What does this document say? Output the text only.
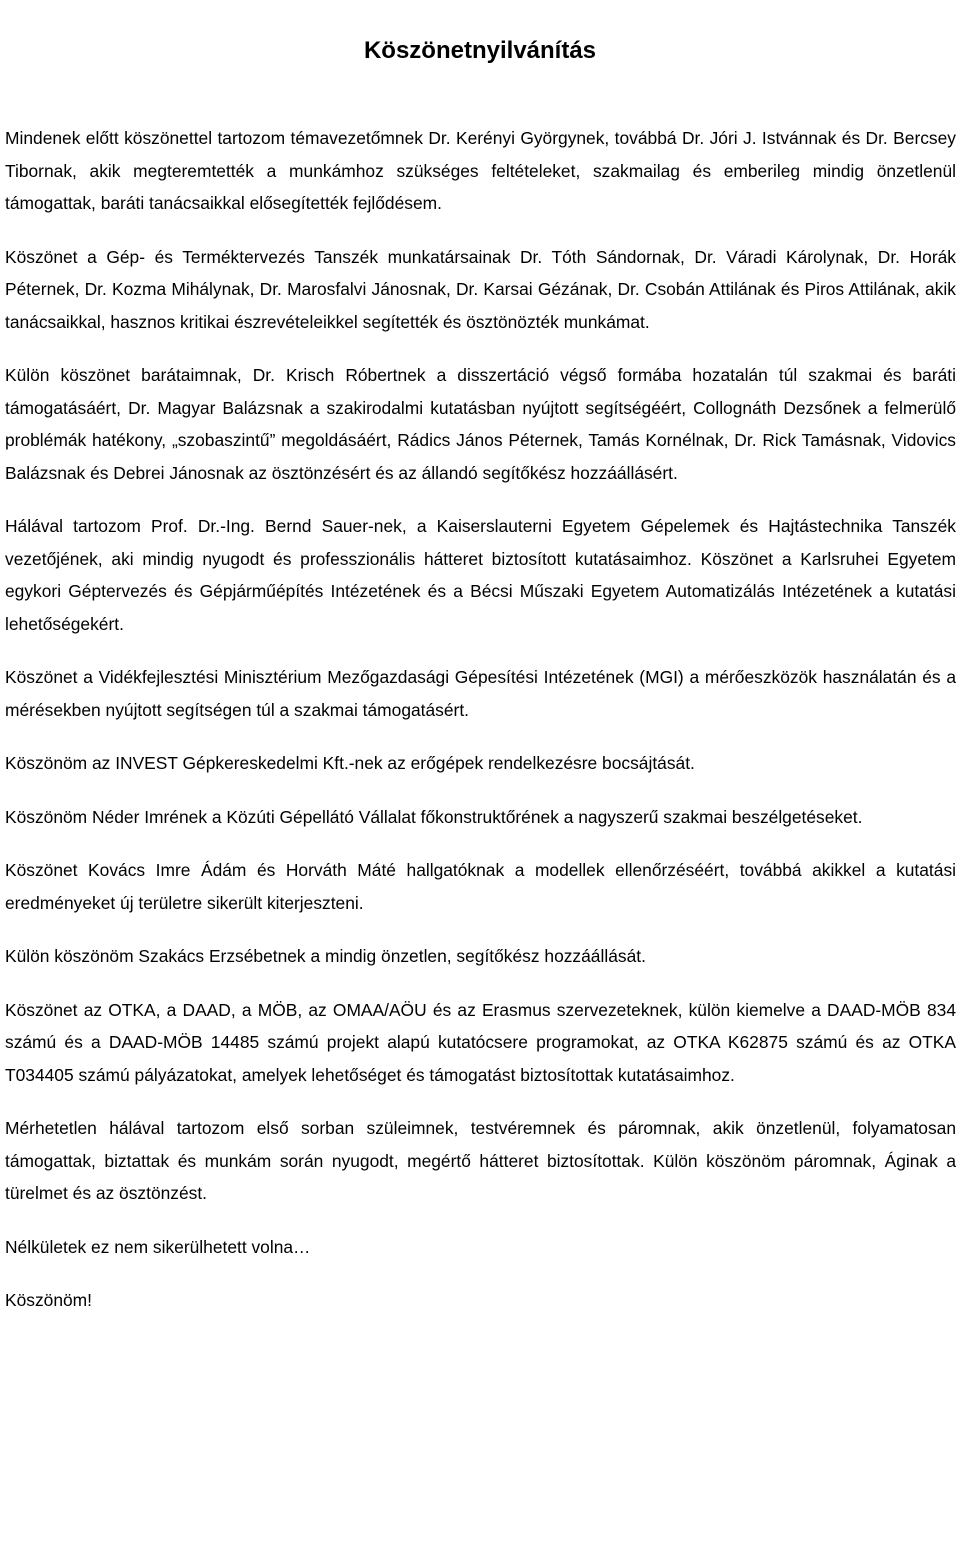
Köszönetnyilvánítás

Mindenek előtt köszönettel tartozom témavezetőmnek Dr. Kerényi Györgynek, továbbá Dr. Jóri J. Istvánnak és Dr. Bercsey Tibornak, akik megteremtették a munkámhoz szükséges feltételeket, szakmailag és emberileg mindig önzetlenül támogattak, baráti tanácsaikkal elősegítették fejlődésem.

Köszönet a Gép- és Terméktervezés Tanszék munkatársainak Dr. Tóth Sándornak, Dr. Váradi Károlynak, Dr. Horák Péternek, Dr. Kozma Mihálynak, Dr. Marosfalvi Jánosnak, Dr. Karsai Gézának, Dr. Csobán Attilának és Piros Attilának, akik tanácsaikkal, hasznos kritikai észrevételeikkel segítették és ösztönözték munkámat.

Külön köszönet barátaimnak, Dr. Krisch Róbertnek a disszertáció végső formába hozatalán túl szakmai és baráti támogatásáért, Dr. Magyar Balázsnak a szakirodalmi kutatásban nyújtott segítségéért, Collognáth Dezsőnek a felmerülő problémák hatékony, „szobaszintű” megoldásáért, Rádics János Péternek, Tamás Kornélnak, Dr. Rick Tamásnak, Vidovics Balázsnak és Debrei Jánosnak az ösztönzésért és az állandó segítőkész hozzáállásért.

Hálával tartozom Prof. Dr.-Ing. Bernd Sauer-nek, a Kaiserslauterni Egyetem Gépelemek és Hajtástechnika Tanszék vezetőjének, aki mindig nyugodt és professzionális hátteret biztosított kutatásaimhoz. Köszönet a Karlsruhei Egyetem egykori Géptervezés és Gépjárműépítés Intézetének és a Bécsi Műszaki Egyetem Automatizálás Intézetének a kutatási lehetőségekért.

Köszönet a Vidékfejlesztési Minisztérium Mezőgazdasági Gépesítési Intézetének (MGI) a mérőeszközök használatán és a mérésekben nyújtott segítségen túl a szakmai támogatásért.

Köszönöm az INVEST Gépkereskedelmi Kft.-nek az erőgépek rendelkezésre bocsájtását.

Köszönöm Néder Imrének a Közúti Gépellátó Vállalat főkonstruktőrének a nagyszerű szakmai beszélgetéseket.

Köszönet Kovács Imre Ádám és Horváth Máté hallgatóknak a modellek ellenőrzéséért, továbbá akikkel a kutatási eredményeket új területre sikerült kiterjeszteni.

Külön köszönöm Szakács Erzsébetnek a mindig önzetlen, segítőkész hozzáállását.

Köszönet az OTKA, a DAAD, a MÖB, az OMAA/AÖU és az Erasmus szervezeteknek, külön kiemelve a DAAD-MÖB 834 számú és a DAAD-MÖB 14485 számú projekt alapú kutatócsere programokat, az OTKA K62875 számú és az OTKA T034405 számú pályázatokat, amelyek lehetőséget és támogatást biztosítottak kutatásaimhoz.

Mérhetetlen hálával tartozom első sorban szüleimnek, testvéremnek és páromnak, akik önzetlenül, folyamatosan támogattak, biztattak és munkám során nyugodt, megértő hátteret biztosítottak. Külön köszönöm páromnak, Áginak a türelmet és az ösztönzést.

Nélkületek ez nem sikerülhetett volna…

Köszönöm!
